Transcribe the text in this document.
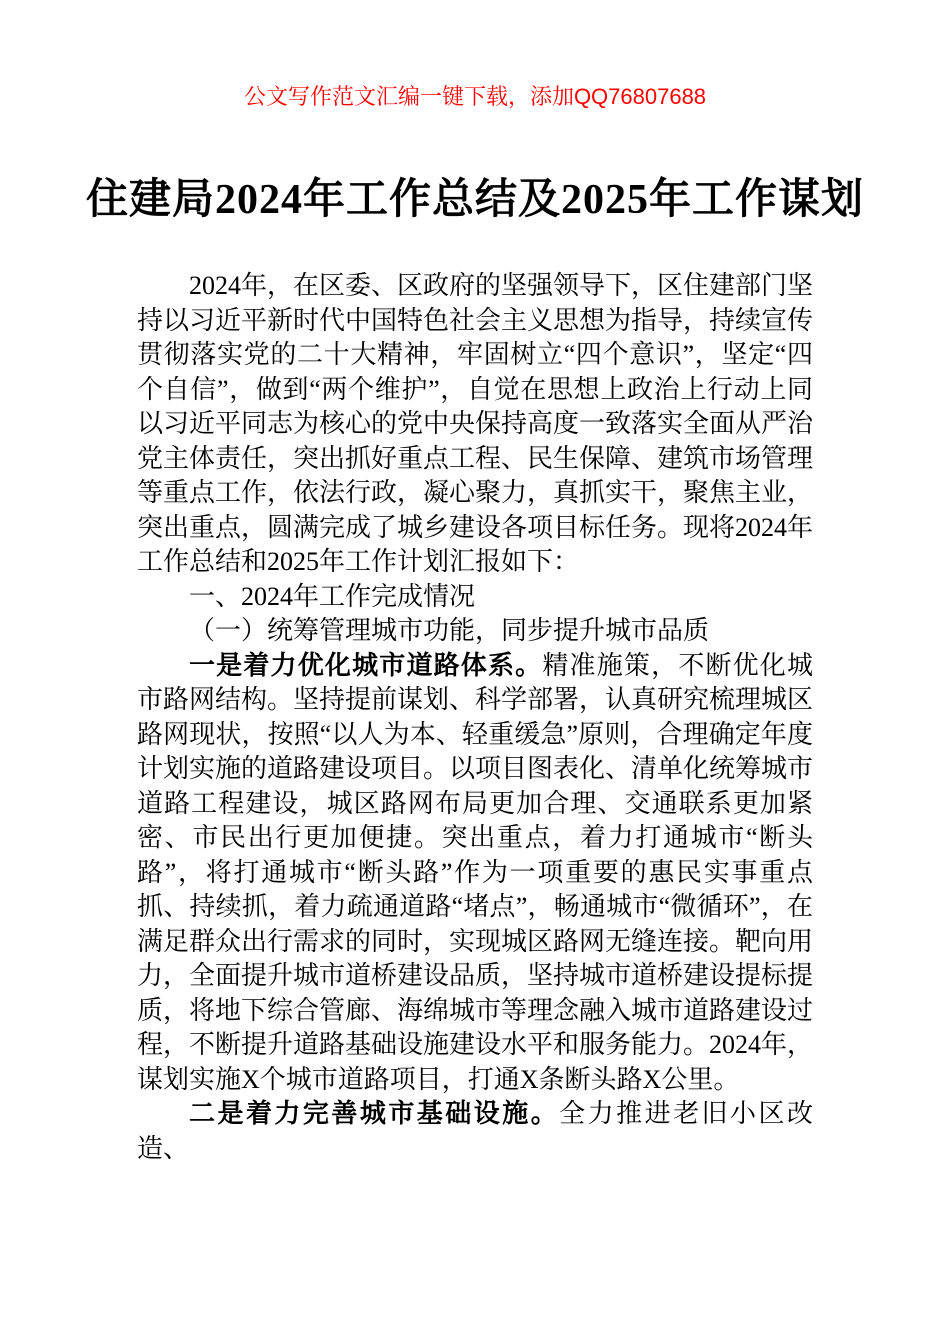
公文写作范文汇编一键下载，添加QQ76807688
住建局2024年工作总结及2025年工作谋划

2024年，在区委、区政府的坚强领导下，区住建部门坚持以习近平新时代中国特色社会主义思想为指导，持续宣传贯彻落实党的二十大精神，牢固树立“四个意识”，坚定“四个自信”，做到“两个维护”，自觉在思想上政治上行动上同以习近平同志为核心的党中央保持高度一致落实全面从严治党主体责任，突出抓好重点工程、民生保障、建筑市场管理等重点工作，依法行政，凝心聚力，真抓实干，聚焦主业，突出重点，圆满完成了城乡建设各项目标任务。现将2024年工作总结和2025年工作计划汇报如下：

一、2024年工作完成情况

（一）统筹管理城市功能，同步提升城市品质

一是着力优化城市道路体系。精准施策，不断优化城市路网结构。坚持提前谋划、科学部署，认真研究梳理城区路网现状，按照“以人为本、轻重缓急”原则，合理确定年度计划实施的道路建设项目。以项目图表化、清单化统筹城市道路工程建设，城区路网布局更加合理、交通联系更加紧密、市民出行更加便捷。突出重点，着力打通城市“断头路”，将打通城市“断头路”作为一项重要的惠民实事重点抓、持续抓，着力疏通道路“堵点”，畅通城市“微循环”，在满足群众出行需求的同时，实现城区路网无缝连接。靶向用力，全面提升城市道桥建设品质，坚持城市道桥建设提标提质，将地下综合管廊、海绵城市等理念融入城市道路建设过程，不断提升道路基础设施建设水平和服务能力。2024年，谋划实施X个城市道路项目，打通X条断头路X公里。

二是着力完善城市基础设施。全力推进老旧小区改造、
